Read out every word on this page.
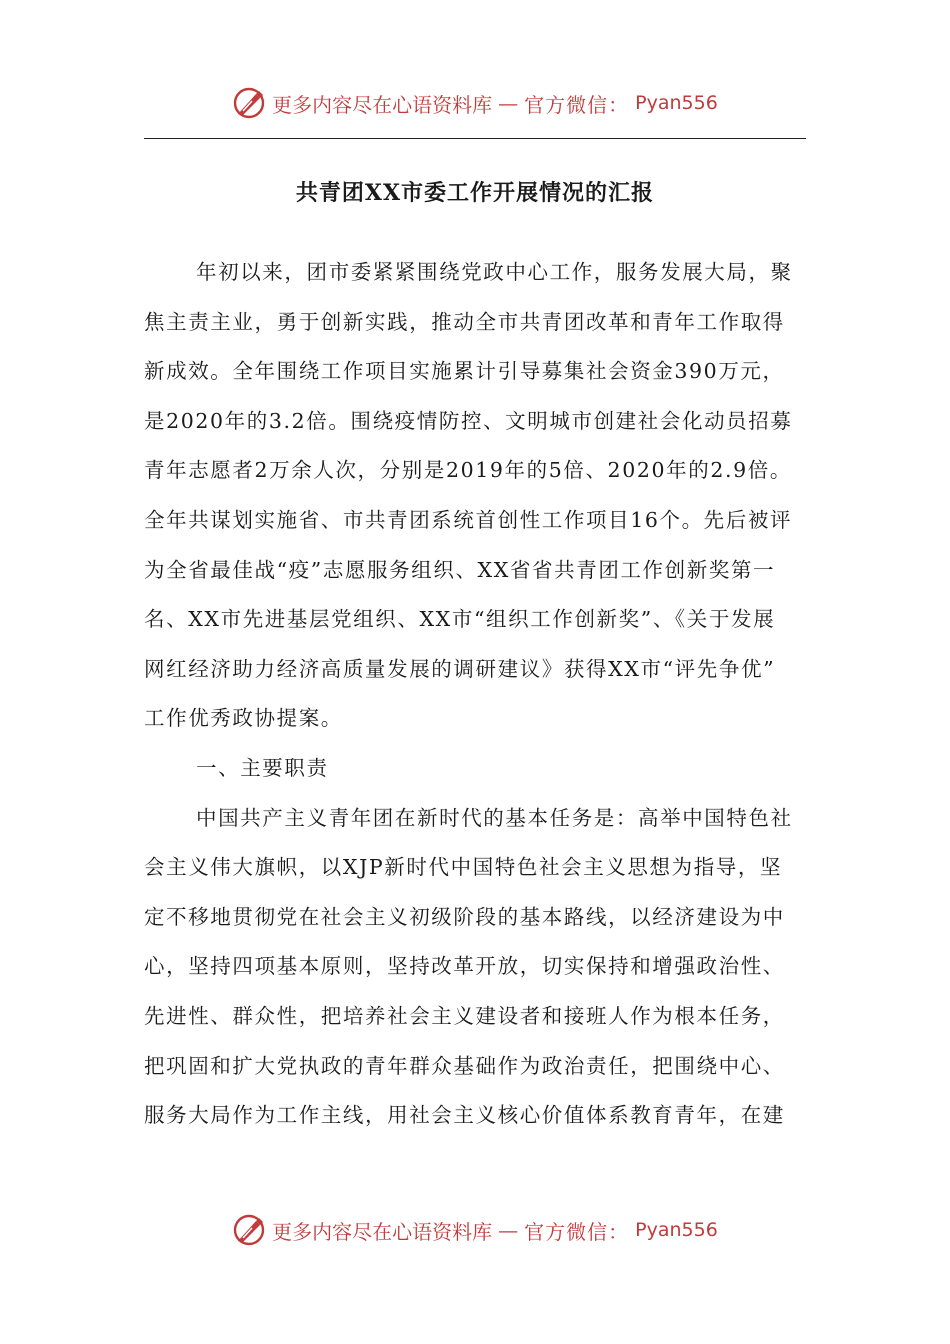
更多内容尽在心语资料库 — 官方微信： Pyan556
共青团XX市委工作开展情况的汇报
年初以来，团市委紧紧围绕党政中心工作，服务发展大局，聚
焦主责主业，勇于创新实践，推动全市共青团改革和青年工作取得
新成效。全年围绕工作项目实施累计引导募集社会资金390万元，
是2020年的3.2倍。围绕疫情防控、文明城市创建社会化动员招募
青年志愿者2万余人次，分别是2019年的5倍、2020年的2.9倍。
全年共谋划实施省、市共青团系统首创性工作项目16个。先后被评
为全省最佳战“疫”志愿服务组织、XX省省共青团工作创新奖第一
名、XX市先进基层党组织、XX市“组织工作创新奖”、《关于发展
网红经济助力经济高质量发展的调研建议》获得XX市“评先争优”
工作优秀政协提案。
一、主要职责
中国共产主义青年团在新时代的基本任务是：高举中国特色社
会主义伟大旗帜，以XJP新时代中国特色社会主义思想为指导，坚
定不移地贯彻党在社会主义初级阶段的基本路线，以经济建设为中
心，坚持四项基本原则，坚持改革开放，切实保持和增强政治性、
先进性、群众性，把培养社会主义建设者和接班人作为根本任务，
把巩固和扩大党执政的青年群众基础作为政治责任，把围绕中心、
服务大局作为工作主线，用社会主义核心价值体系教育青年，在建
更多内容尽在心语资料库 — 官方微信： Pyan556
